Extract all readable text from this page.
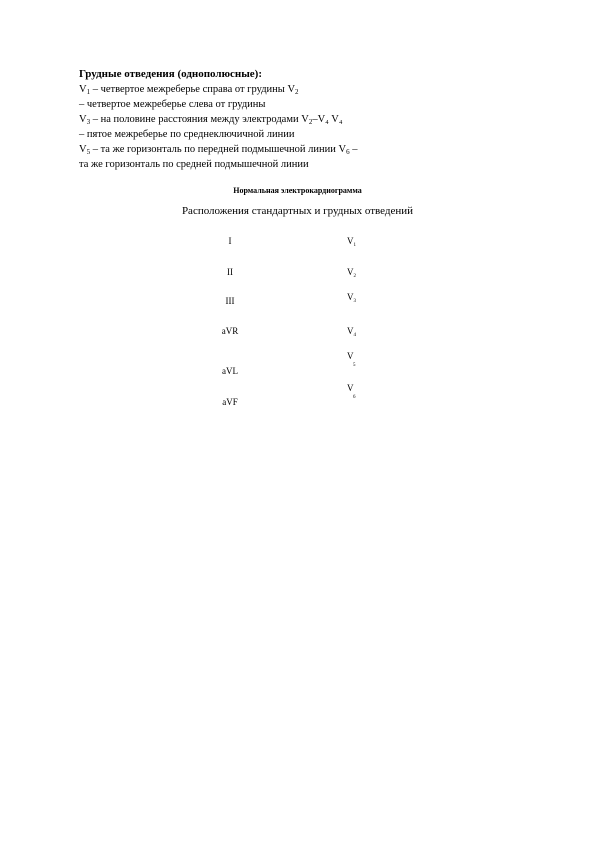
Грудные отведения (однополюсные):
$V_1$ – четвертое межреберье справа от грудины $V_2$
– четвертое межреберье слева от грудины
$V_3$ – на половине расстояния между электродами $V_2-V_4$ V₄
– пятое межреберье по среднеключичной линии
$V_5$ – та же горизонталь по передней подмышечной линии $V_6$ –
та же горизонталь по средней подмышечной линии
Нормальная электрокардиограмма
Расположения стандартных и грудных отведений
I
II
III
aVR
aVL
aVF
$V_1$
$V_2$
$V_3$
$V_4$
V
5
V
6
